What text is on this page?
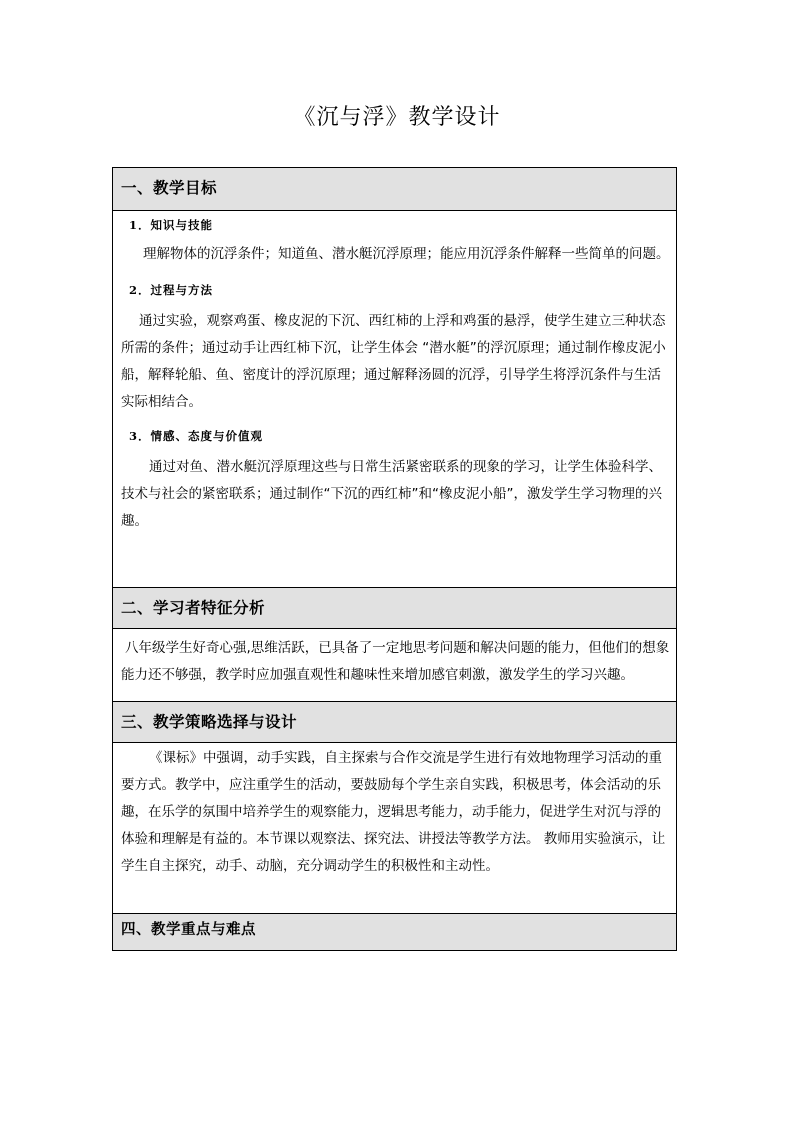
《沉与浮》教学设计
一、教学目标

1．知识与技能

理解物体的沉浮条件；知道鱼、潜水艇沉浮原理；能应用沉浮条件解释一些简单的问题。

2．过程与方法

通过实验，观察鸡蛋、橡皮泥的下沉、西红柿的上浮和鸡蛋的悬浮，使学生建立三种状态所需的条件；通过动手让西红柿下沉，让学生体会 “潜水艇”的浮沉原理；通过制作橡皮泥小船，解释轮船、鱼、密度计的浮沉原理；通过解释汤圆的沉浮，引导学生将浮沉条件与生活实际相结合。

3．情感、态度与价值观

通过对鱼、潜水艇沉浮原理这些与日常生活紧密联系的现象的学习，让学生体验科学、技术与社会的紧密联系；通过制作“下沉的西红柿”和“橡皮泥小船”，激发学生学习物理的兴趣。

二、学习者特征分析

八年级学生好奇心强,思维活跃，已具备了一定地思考问题和解决问题的能力，但他们的想象能力还不够强，教学时应加强直观性和趣味性来增加感官刺激，激发学生的学习兴趣。

三、教学策略选择与设计

《课标》中强调，动手实践，自主探索与合作交流是学生进行有效地物理学习活动的重要方式。教学中，应注重学生的活动，要鼓励每个学生亲自实践，积极思考，体会活动的乐趣，在乐学的氛围中培养学生的观察能力，逻辑思考能力，动手能力，促进学生对沉与浮的体验和理解是有益的。本节课以观察法、探究法、讲授法等教学方法。 教师用实验演示，让学生自主探究，动手、动脑，充分调动学生的积极性和主动性。

四、教学重点与难点
